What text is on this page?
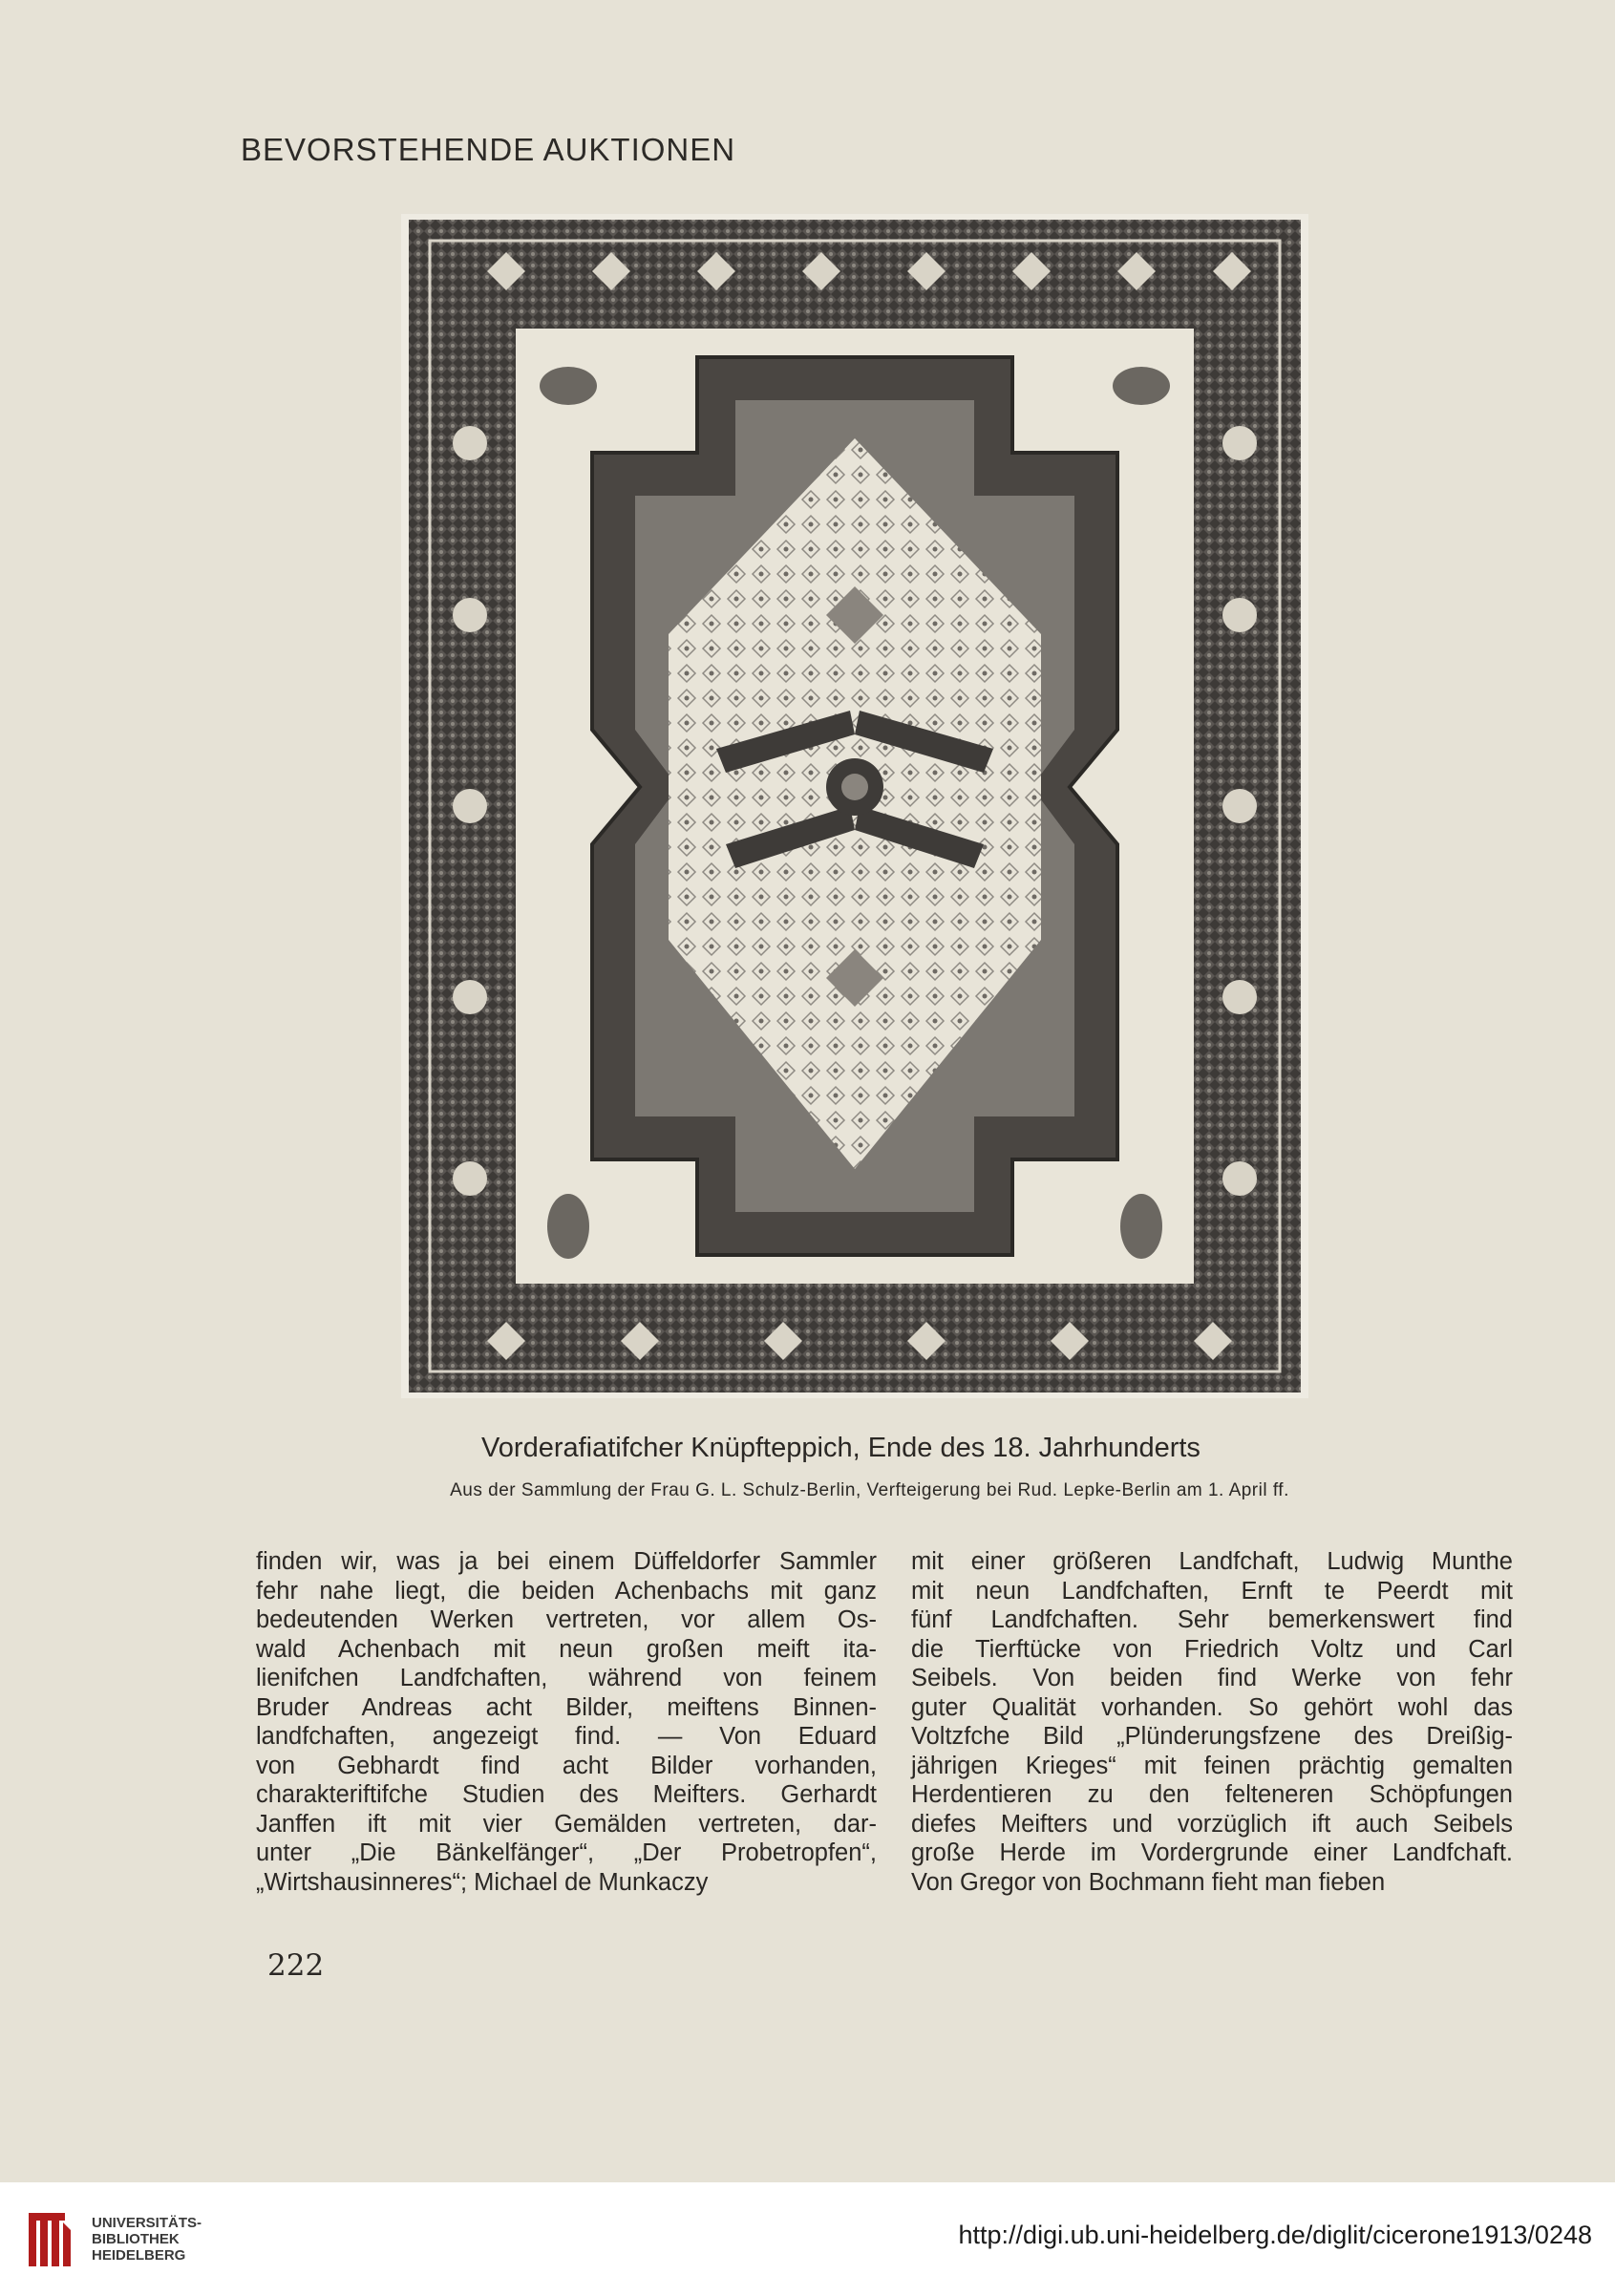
BEVORSTEHENDE AUKTIONEN
Vorderafiatifcher Knüpfteppich, Ende des 18. Jahrhunderts
Aus der Sammlung der Frau G. L. Schulz-Berlin, Verfteigerung bei Rud. Lepke-Berlin am 1. April ff.
finden wir, was ja bei einem Düffeldorfer Sammler
fehr nahe liegt, die beiden Achenbachs mit ganz
bedeutenden Werken vertreten, vor allem Os-
wald Achenbach mit neun großen meift ita-
lienifchen Landfchaften, während von feinem
Bruder Andreas acht Bilder, meiftens Binnen-
landfchaften, angezeigt find. — Von Eduard
von Gebhardt find acht Bilder vorhanden,
charakteriftifche Studien des Meifters. Gerhardt
Janffen ift mit vier Gemälden vertreten, dar-
unter „Die Bänkelfänger“, „Der Probetropfen“,
„Wirtshausinneres“; Michael de Munkaczy
mit einer größeren Landfchaft, Ludwig Munthe
mit neun Landfchaften, Ernft te Peerdt mit
fünf Landfchaften. Sehr bemerkenswert find
die Tierftücke von Friedrich Voltz und Carl
Seibels. Von beiden find Werke von fehr
guter Qualität vorhanden. So gehört wohl das
Voltzfche Bild „Plünderungsfzene des Dreißig-
jährigen Krieges“ mit feinen prächtig gemalten
Herdentieren zu den felteneren Schöpfungen
diefes Meifters und vorzüglich ift auch Seibels
große Herde im Vordergrunde einer Landfchaft.
Von Gregor von Bochmann fieht man fieben
222
UNIVERSITÄTS-
BIBLIOTHEK
HEIDELBERG
http://digi.ub.uni-heidelberg.de/diglit/cicerone1913/0248
